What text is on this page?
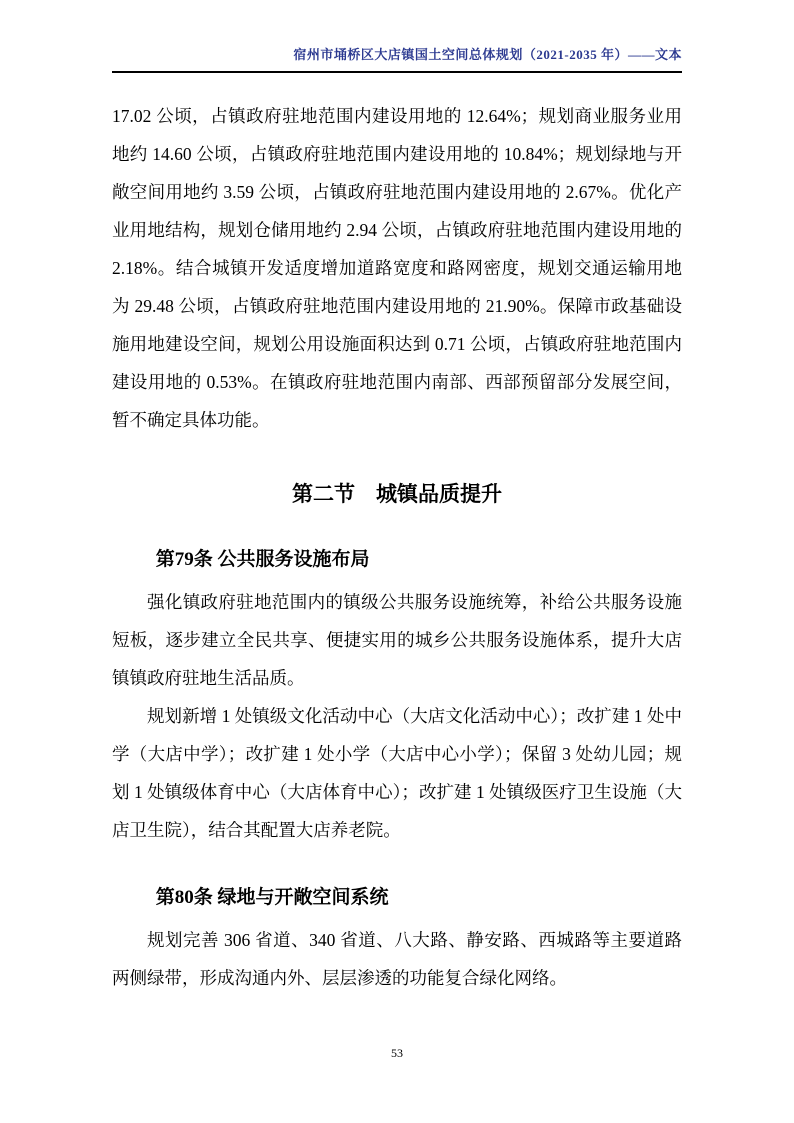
宿州市埇桥区大店镇国土空间总体规划（2021-2035 年）——文本

17.02 公顷，占镇政府驻地范围内建设用地的 12.64%；规划商业服务业用地约 14.60 公顷，占镇政府驻地范围内建设用地的 10.84%；规划绿地与开敞空间用地约 3.59 公顷，占镇政府驻地范围内建设用地的 2.67%。优化产业用地结构，规划仓储用地约 2.94 公顷，占镇政府驻地范围内建设用地的 2.18%。结合城镇开发适度增加道路宽度和路网密度，规划交通运输用地为 29.48 公顷，占镇政府驻地范围内建设用地的 21.90%。保障市政基础设施用地建设空间，规划公用设施面积达到 0.71 公顷，占镇政府驻地范围内建设用地的 0.53%。在镇政府驻地范围内南部、西部预留部分发展空间，暂不确定具体功能。

第二节　城镇品质提升
第79条 公共服务设施布局

强化镇政府驻地范围内的镇级公共服务设施统筹，补给公共服务设施短板，逐步建立全民共享、便捷实用的城乡公共服务设施体系，提升大店镇镇政府驻地生活品质。

规划新增 1 处镇级文化活动中心（大店文化活动中心）；改扩建 1 处中学（大店中学）；改扩建 1 处小学（大店中心小学）；保留 3 处幼儿园；规划 1 处镇级体育中心（大店体育中心）；改扩建 1 处镇级医疗卫生设施（大店卫生院），结合其配置大店养老院。

第80条 绿地与开敞空间系统

规划完善 306 省道、340 省道、八大路、静安路、西城路等主要道路两侧绿带，形成沟通内外、层层渗透的功能复合绿化网络。

53
